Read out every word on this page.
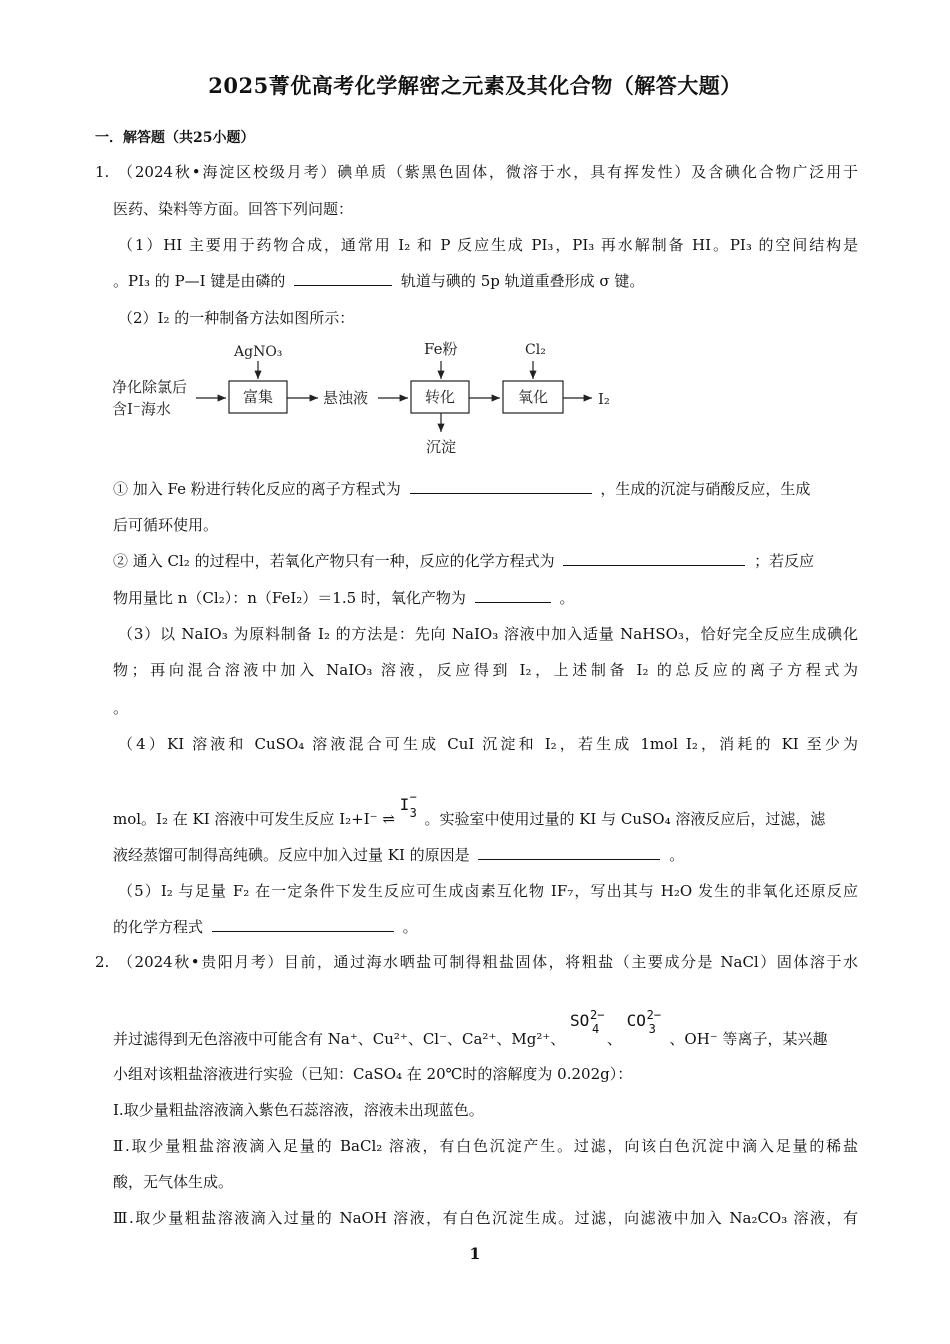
2025菁优高考化学解密之元素及其化合物（解答大题）
一．解答题（共25小题）
1. （2024秋•海淀区校级月考）碘单质（紫黑色固体，微溶于水，具有挥发性）及含碘化合物广泛用于
医药、染料等方面。回答下列问题：
（1）HI 主要用于药物合成，通常用 I₂ 和 P 反应生成 PI₃，PI₃ 再水解制备 HI。PI₃ 的空间结构是
。PI₃ 的 P—I 键是由磷的	轨道与碘的 5p 轨道重叠形成 σ 键。
（2）I₂ 的一种制备方法如图所示：
净化除氯后
含I⁻海水
AgNO₃
富集	悬浊液
Fe粉
转化
沉淀
Cl₂
氧化	I₂
① 加入 Fe 粉进行转化反应的离子方程式为	，生成的沉淀与硝酸反应，生成
后可循环使用。
② 通入 Cl₂ 的过程中，若氧化产物只有一种，反应的化学方程式为	；若反应
物用量比 n（Cl₂）：n（FeI₂）＝1.5 时，氧化产物为	。
（3）以 NaIO₃ 为原料制备 I₂ 的方法是：先向 NaIO₃ 溶液中加入适量 NaHSO₃，恰好完全反应生成碘化
物；再向混合溶液中加入 NaIO₃ 溶液，反应得到 I₂，上述制备 I₂ 的总反应的离子方程式为
。
（4）KI 溶液和 CuSO₄ 溶液混合可生成 CuI 沉淀和 I₂，若生成 1mol I₂，消耗的 KI 至少为
mol。I₂ 在 KI 溶液中可发生反应 I₂+I⁻ ⇌
I −
3 。实验室中使用过量的 KI 与 CuSO₄ 溶液反应后，过滤，滤
液经蒸馏可制得高纯碘。反应中加入过量 KI 的原因是	。
（5）I₂ 与足量 F₂ 在一定条件下发生反应可生成卤素互化物 IF₇，写出其与 H₂O 发生的非氧化还原反应
的化学方程式	。
2. （2024秋•贵阳月考）目前，通过海水晒盐可制得粗盐固体，将粗盐（主要成分是 NaCl）固体溶于水
并过滤得到无色溶液中可能含有 Na⁺、Cu²⁺、Cl⁻、Ca²⁺、Mg²⁺、
SO 2−
4
、
CO 2−
3
、OH⁻ 等离子，某兴趣
小组对该粗盐溶液进行实验（已知：CaSO₄ 在 20℃时的溶解度为 0.202g）：
Ⅰ.取少量粗盐溶液滴入紫色石蕊溶液，溶液未出现蓝色。
Ⅱ.取少量粗盐溶液滴入足量的 BaCl₂ 溶液，有白色沉淀产生。过滤，向该白色沉淀中滴入足量的稀盐
酸，无气体生成。
Ⅲ.取少量粗盐溶液滴入过量的 NaOH 溶液，有白色沉淀生成。过滤，向滤液中加入 Na₂CO₃ 溶液，有
1
